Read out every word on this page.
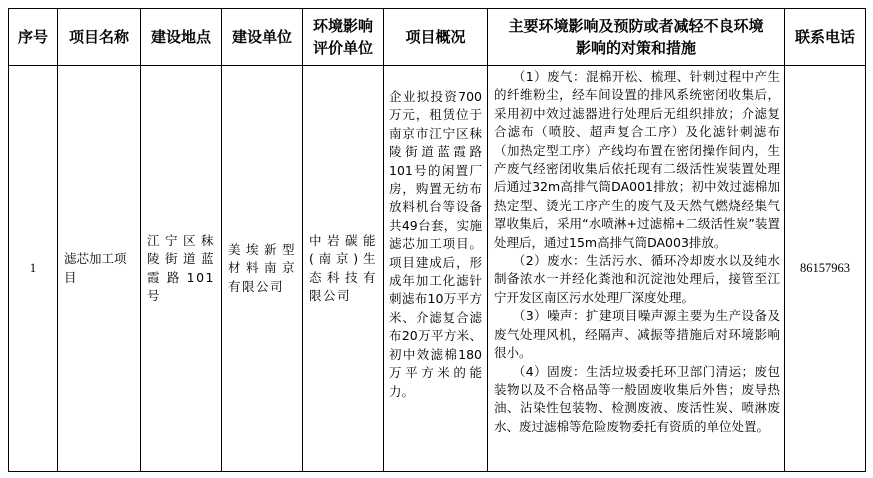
序号	项目名称	建设地点	建设单位	环境影响评价单位	项目概况	主要环境影响及预防或者减轻不良环境影响的对策和措施	联系电话
1	滤芯加工项目	江宁区秣陵街道蓝霞路101号	美埃新型材料南京有限公司	中岩碳能(南京)生态科技有限公司	企业拟投资700万元，租赁位于南京市江宁区秣陵街道蓝霞路101号的闲置厂房，购置无纺布放料机台等设备共49台套，实施滤芯加工项目。项目建成后，形成年加工化滤针刺滤布10万平方米、介滤复合滤布20万平方米、初中效滤棉180万平方米的能力。	（1）废气：混棉开松、梳理、针刺过程中产生的纤维粉尘，经车间设置的排风系统密闭收集后，采用初中效过滤器进行处理后无组织排放；介滤复合滤布（喷胶、超声复合工序）及化滤针刺滤布（加热定型工序）产线均布置在密闭操作间内，生产废气经密闭收集后依托现有二级活性炭装置处理后通过32m高排气筒DA001排放；初中效过滤棉加热定型、烫光工序产生的废气及天然气燃烧经集气罩收集后，采用“水喷淋+过滤棉+二级活性炭”装置处理后，通过15m高排气筒DA003排放。

（2）废水：生活污水、循环冷却废水以及纯水制备浓水一并经化粪池和沉淀池处理后，接管至江宁开发区南区污水处理厂深度处理。

（3）噪声：扩建项目噪声源主要为生产设备及废气处理风机，经隔声、减振等措施后对环境影响很小。

（4）固废：生活垃圾委托环卫部门清运；废包装物以及不合格品等一般固废收集后外售；废导热油、沾染性包装物、检测废液、废活性炭、喷淋废水、废过滤棉等危险废物委托有资质的单位处置。	86157963
